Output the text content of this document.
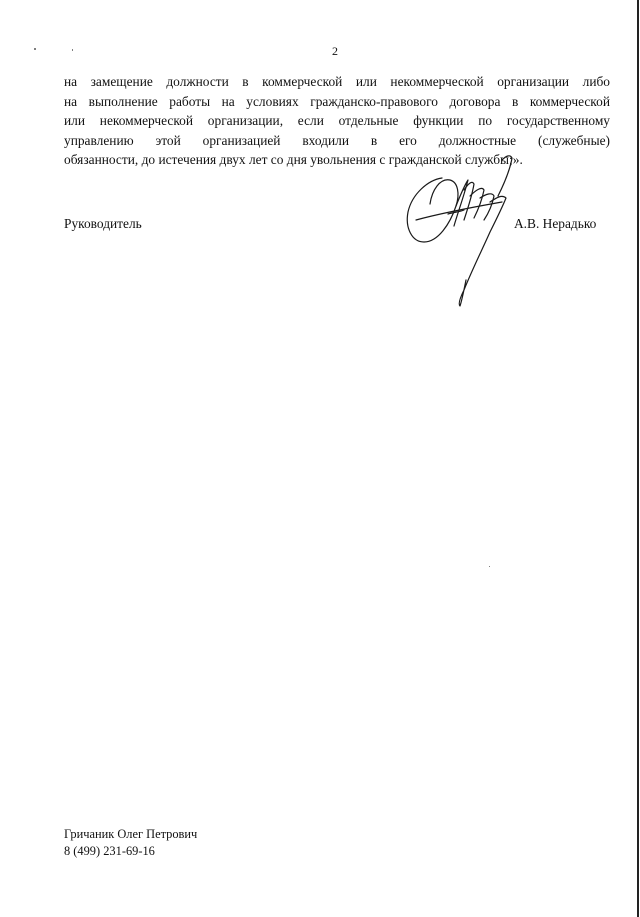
2
на замещение должности в коммерческой или некоммерческой организации либо
на выполнение работы на условиях гражданско-правового договора в коммерческой
или некоммерческой организации, если отдельные функции по государственному
управлению этой организацией входили в его должностные (служебные)
обязанности, до истечения двух лет со дня увольнения с гражданской службы;».
Руководитель	А.В. Нерадько
Гричаник Олег Петрович
8 (499) 231-69-16
